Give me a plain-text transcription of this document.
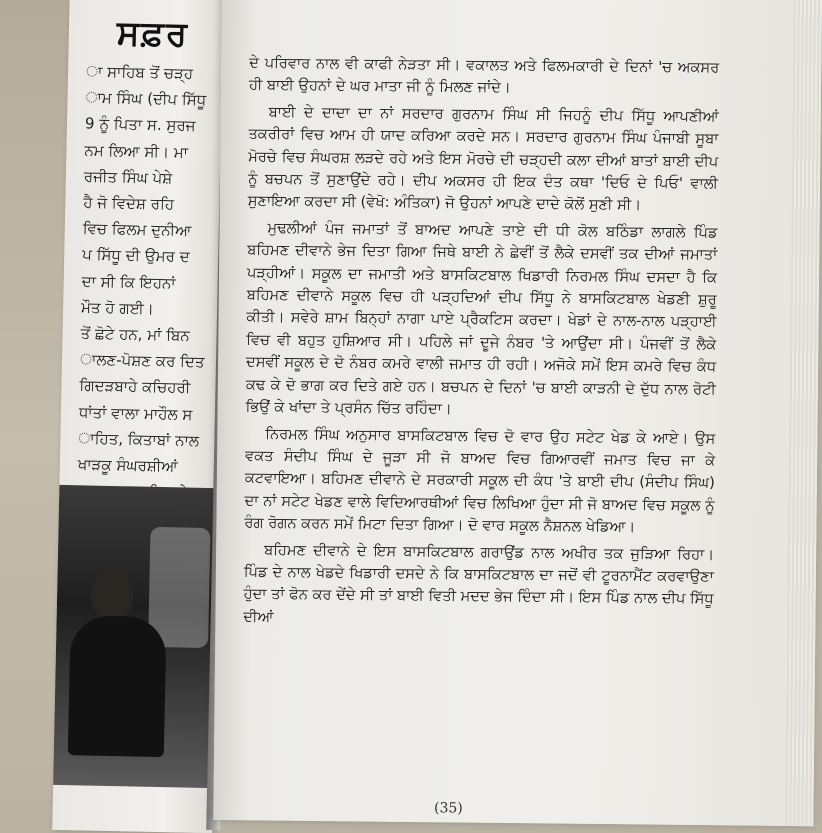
ਸਫ਼ਰ
ਾ ਸਾਹਿਬ ਤੋਂ ਚੜ੍ਹ
ਾਮ ਸਿੰਘ (ਦੀਪ ਸਿੱਧੂ
9 ਨੂੰ ਪਿਤਾ ਸ. ਸੁਰਜ
ਨਮ ਲਿਆ ਸੀ। ਮਾ
ਰਜੀਤ ਸਿੰਘ ਪੇਸ਼ੇ
ਹੈ ਜੋ ਵਿਦੇਸ਼ ਰਹਿ
ਵਿਚ ਫਿਲਮ ਦੁਨੀਆ
ਪ ਸਿੱਧੂ ਦੀ ਉਮਰ ਦ
ਦਾ ਸੀ ਕਿ ਇਹਨਾਂ
ਮੌਤ ਹੋ ਗਈ।
ਤੋਂ ਛੋਟੇ ਹਨ, ਮਾਂ ਬਿਨ
ਾਲਣ-ਪੋਸ਼ਣ ਕਰ ਦਿਤ
ਗਿਦੜਬਾਹੇ ਕਚਿਹਰੀ
ਧਾਂਤਾਂ ਵਾਲਾ ਮਾਹੌਲ ਸ
ਾਹਿਤ, ਕਿਤਾਬਾਂ ਨਾਲ
ਖਾੜਕੂ ਸੰਘਰਸ਼ੀਆਂ

ਦੇ ਪਰਿਵਾਰ ਨਾਲ ਵੀ ਕਾਫੀ ਨੇੜਤਾ ਸੀ। ਵਕਾਲਤ ਅਤੇ ਫਿਲਮਕਾਰੀ ਦੇ ਦਿਨਾਂ 'ਚ ਅਕਸਰ ਹੀ ਬਾਈ ਉਹਨਾਂ ਦੇ ਘਰ ਮਾਤਾ ਜੀ ਨੂੰ ਮਿਲਣ ਜਾਂਦੇ।

ਬਾਈ ਦੇ ਦਾਦਾ ਦਾ ਨਾਂ ਸਰਦਾਰ ਗੁਰਨਾਮ ਸਿੰਘ ਸੀ ਜਿਹਨੂੰ ਦੀਪ ਸਿੱਧੂ ਆਪਣੀਆਂ ਤਕਰੀਰਾਂ ਵਿਚ ਆਮ ਹੀ ਯਾਦ ਕਰਿਆ ਕਰਦੇ ਸਨ। ਸਰਦਾਰ ਗੁਰਨਾਮ ਸਿੰਘ ਪੰਜਾਬੀ ਸੂਬਾ ਮੋਰਚੇ ਵਿਚ ਸੰਘਰਸ਼ ਲੜਦੇ ਰਹੇ ਅਤੇ ਇਸ ਮੋਰਚੇ ਦੀ ਚੜ੍ਹਦੀ ਕਲਾ ਦੀਆਂ ਬਾਤਾਂ ਬਾਈ ਦੀਪ ਨੂੰ ਬਚਪਨ ਤੋਂ ਸੁਣਾਉਂਦੇ ਰਹੇ। ਦੀਪ ਅਕਸਰ ਹੀ ਇਕ ਦੰਤ ਕਥਾ 'ਦਿਓ ਦੇ ਪਿਓ' ਵਾਲੀ ਸੁਣਾਇਆ ਕਰਦਾ ਸੀ (ਵੇਖੋ: ਅੰਤਿਕਾ) ਜੋ ਉਹਨਾਂ ਆਪਣੇ ਦਾਦੇ ਕੋਲੋਂ ਸੁਣੀ ਸੀ।

ਮੁਢਲੀਆਂ ਪੰਜ ਜਮਾਤਾਂ ਤੋਂ ਬਾਅਦ ਆਪਣੇ ਤਾਏ ਦੀ ਧੀ ਕੋਲ ਬਠਿੰਡਾ ਲਾਗਲੇ ਪਿੰਡ ਬਹਿਮਣ ਦੀਵਾਨੇ ਭੇਜ ਦਿਤਾ ਗਿਆ ਜਿਥੇ ਬਾਈ ਨੇ ਛੇਵੀਂ ਤੋਂ ਲੈਕੇ ਦਸਵੀਂ ਤਕ ਦੀਆਂ ਜਮਾਤਾਂ ਪੜ੍ਹੀਆਂ। ਸਕੂਲ ਦਾ ਜਮਾਤੀ ਅਤੇ ਬਾਸਕਿਟਬਾਲ ਖਿਡਾਰੀ ਨਿਰਮਲ ਸਿੰਘ ਦਸਦਾ ਹੈ ਕਿ ਬਹਿਮਣ ਦੀਵਾਨੇ ਸਕੂਲ ਵਿਚ ਹੀ ਪੜ੍ਹਦਿਆਂ ਦੀਪ ਸਿੱਧੂ ਨੇ ਬਾਸਕਿਟਬਾਲ ਖੇਡਣੀ ਸ਼ੁਰੂ ਕੀਤੀ। ਸਵੇਰੇ ਸ਼ਾਮ ਬਿਨ੍ਹਾਂ ਨਾਗਾ ਪਾਏ ਪ੍ਰੈਕਟਿਸ ਕਰਦਾ। ਖੇਡਾਂ ਦੇ ਨਾਲ-ਨਾਲ ਪੜ੍ਹਾਈ ਵਿਚ ਵੀ ਬਹੁਤ ਹੁਸ਼ਿਆਰ ਸੀ। ਪਹਿਲੇ ਜਾਂ ਦੂਜੇ ਨੰਬਰ 'ਤੇ ਆਉਂਦਾ ਸੀ। ਪੰਜਵੀਂ ਤੋਂ ਲੈਕੇ ਦਸਵੀਂ ਸਕੂਲ ਦੇ ਦੋ ਨੰਬਰ ਕਮਰੇ ਵਾਲੀ ਜਮਾਤ ਹੀ ਰਹੀ। ਅਜੋਕੇ ਸਮੇਂ ਇਸ ਕਮਰੇ ਵਿਚ ਕੰਧ ਕਢ ਕੇ ਦੋ ਭਾਗ ਕਰ ਦਿਤੇ ਗਏ ਹਨ। ਬਚਪਨ ਦੇ ਦਿਨਾਂ 'ਚ ਬਾਈ ਕਾੜਨੀ ਦੇ ਦੁੱਧ ਨਾਲ ਰੋਟੀ ਭਿਉਂ ਕੇ ਖਾਂਦਾ ਤੇ ਪ੍ਰਸੰਨ ਚਿੱਤ ਰਹਿੰਦਾ।

ਨਿਰਮਲ ਸਿੰਘ ਅਨੁਸਾਰ ਬਾਸਕਿਟਬਾਲ ਵਿਚ ਦੋ ਵਾਰ ਉਹ ਸਟੇਟ ਖੇਡ ਕੇ ਆਏ। ਉਸ ਵਕਤ ਸੰਦੀਪ ਸਿੰਘ ਦੇ ਜੂੜਾ ਸੀ ਜੋ ਬਾਅਦ ਵਿਚ ਗਿਆਰਵੀਂ ਜਮਾਤ ਵਿਚ ਜਾ ਕੇ ਕਟਵਾਇਆ। ਬਹਿਮਣ ਦੀਵਾਨੇ ਦੇ ਸਰਕਾਰੀ ਸਕੂਲ ਦੀ ਕੰਧ 'ਤੇ ਬਾਈ ਦੀਪ (ਸੰਦੀਪ ਸਿੰਘ) ਦਾ ਨਾਂ ਸਟੇਟ ਖੇਡਣ ਵਾਲੇ ਵਿਦਿਆਰਥੀਆਂ ਵਿਚ ਲਿਖਿਆ ਹੁੰਦਾ ਸੀ ਜੋ ਬਾਅਦ ਵਿਚ ਸਕੂਲ ਨੂੰ ਰੰਗ ਰੋਗਨ ਕਰਨ ਸਮੇਂ ਮਿਟਾ ਦਿਤਾ ਗਿਆ। ਦੋ ਵਾਰ ਸਕੂਲ ਨੈਸ਼ਨਲ ਖੇਡਿਆ।

ਬਹਿਮਣ ਦੀਵਾਨੇ ਦੇ ਇਸ ਬਾਸਕਿਟਬਾਲ ਗਰਾਉਂਡ ਨਾਲ ਅਖੀਰ ਤਕ ਜੁੜਿਆ ਰਿਹਾ। ਪਿੰਡ ਦੇ ਨਾਲ ਖੇਡਦੇ ਖਿਡਾਰੀ ਦਸਦੇ ਨੇ ਕਿ ਬਾਸਕਿਟਬਾਲ ਦਾ ਜਦੋਂ ਵੀ ਟੂਰਨਾਮੈਂਟ ਕਰਵਾਉਣਾ ਹੁੰਦਾ ਤਾਂ ਫੋਨ ਕਰ ਦੇਂਦੇ ਸੀ ਤਾਂ ਬਾਈ ਵਿਤੀ ਮਦਦ ਭੇਜ ਦਿੰਦਾ ਸੀ। ਇਸ ਪਿੰਡ ਨਾਲ ਦੀਪ ਸਿੱਧੂ ਦੀਆਂ

(35)
